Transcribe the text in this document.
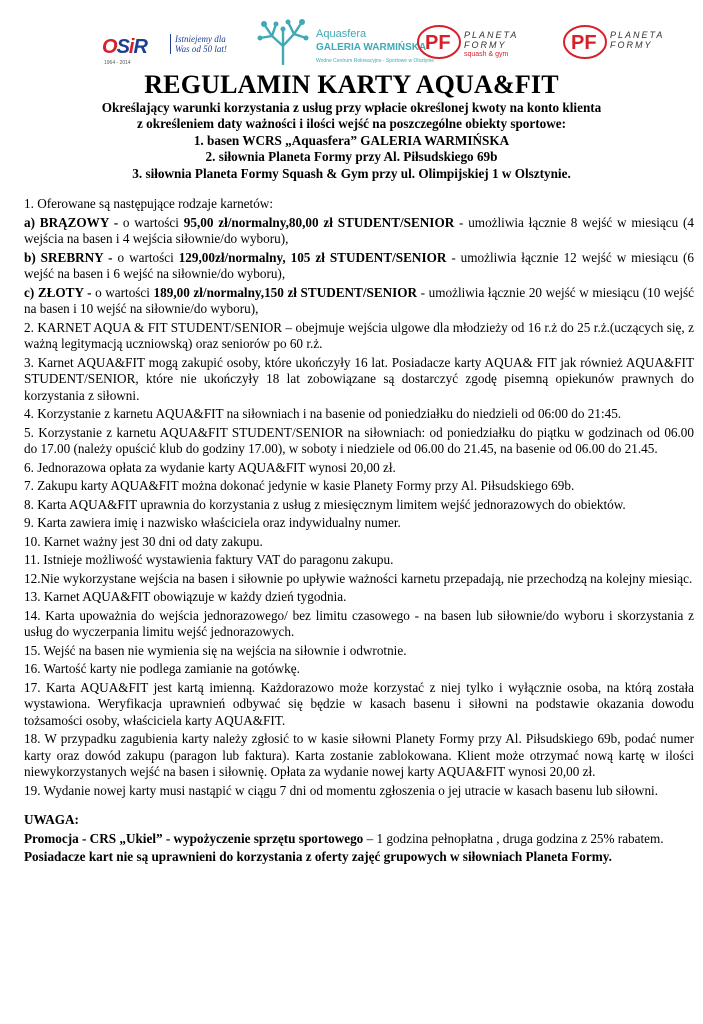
OSiR
1964 - 2014
Istniejemy dla Was od 50 lat!
Aquasfera
GALERIA WARMIŃSKA
Wodne Centrum Rekreacyjno - Sportowe w Olsztynie
PF PLANETA
FORMY
squash & gym
PF PLANETA
FORMY
REGULAMIN KARTY AQUA&FIT
Określający warunki korzystania z usług przy wpłacie określonej kwoty na konto klienta
z określeniem daty ważności i ilości wejść na poszczególne obiekty sportowe:
1. basen WCRS „Aquasfera” GALERIA WARMIŃSKA
2. siłownia Planeta Formy przy Al. Piłsudskiego 69b
3. siłownia Planeta Formy Squash & Gym przy ul. Olimpijskiej 1 w Olsztynie.

1. Oferowane są następujące rodzaje karnetów:

a) BRĄZOWY - o wartości 95,00 zł/normalny,80,00 zł STUDENT/SENIOR - umożliwia łącznie 8 wejść w miesiącu (4 wejścia na basen i 4 wejścia siłownie/do wyboru),

b) SREBRNY - o wartości 129,00zł/normalny, 105 zł STUDENT/SENIOR - umożliwia łącznie 12 wejść w miesiącu (6 wejść na basen i 6 wejść na siłownie/do wyboru),

c) ZŁOTY - o wartości 189,00 zł/normalny,150 zł STUDENT/SENIOR - umożliwia łącznie 20 wejść w miesiącu (10 wejść na basen i 10 wejść na siłownie/do wyboru),

2. KARNET AQUA & FIT STUDENT/SENIOR – obejmuje wejścia ulgowe dla młodzieży od 16 r.ż do 25 r.ż.(uczących się, z ważną legitymacją uczniowską) oraz seniorów po 60 r.ż.

3. Karnet AQUA&FIT mogą zakupić osoby, które ukończyły 16 lat. Posiadacze karty AQUA& FIT jak również AQUA&FIT STUDENT/SENIOR, które nie ukończyły 18 lat zobowiązane są dostarczyć zgodę pisemną opiekunów prawnych do korzystania z siłowni.

4. Korzystanie z karnetu AQUA&FIT na siłowniach i na basenie od poniedziałku do niedzieli od 06:00 do 21:45.

5. Korzystanie z karnetu AQUA&FIT STUDENT/SENIOR na siłowniach: od poniedziałku do piątku w godzinach od 06.00 do 17.00 (należy opuścić klub do godziny 17.00), w soboty i niedziele od 06.00 do 21.45, na basenie od 06.00 do 21.45.

6. Jednorazowa opłata za wydanie karty AQUA&FIT wynosi 20,00 zł.

7. Zakupu karty AQUA&FIT można dokonać jedynie w kasie Planety Formy przy Al. Piłsudskiego 69b.

8. Karta AQUA&FIT uprawnia do korzystania z usług z miesięcznym limitem wejść jednorazowych do obiektów.

9. Karta zawiera imię i nazwisko właściciela oraz indywidualny numer.

10. Karnet ważny jest 30 dni od daty zakupu.

11. Istnieje możliwość wystawienia faktury VAT do paragonu zakupu.

12.Nie wykorzystane wejścia na basen i siłownie po upływie ważności karnetu przepadają, nie przechodzą na kolejny miesiąc.

13. Karnet AQUA&FIT obowiązuje w każdy dzień tygodnia.

14. Karta upoważnia do wejścia jednorazowego/ bez limitu czasowego - na basen lub siłownie/do wyboru i skorzystania z usług do wyczerpania limitu wejść jednorazowych.

15. Wejść na basen nie wymienia się na wejścia na siłownie i odwrotnie.

16. Wartość karty nie podlega zamianie na gotówkę.

17. Karta AQUA&FIT jest kartą imienną. Każdorazowo może korzystać z niej tylko i wyłącznie osoba, na którą została wystawiona. Weryfikacja uprawnień odbywać się będzie w kasach basenu i siłowni na podstawie okazania dowodu tożsamości osoby, właściciela karty AQUA&FIT.

18. W przypadku zagubienia karty należy zgłosić to w kasie siłowni Planety Formy przy Al. Piłsudskiego 69b, podać numer karty oraz dowód zakupu (paragon lub faktura). Karta zostanie zablokowana. Klient może otrzymać nową kartę w ilości niewykorzystanych wejść na basen i siłownię. Opłata za wydanie nowej karty AQUA&FIT wynosi 20,00 zł.

19. Wydanie nowej karty musi nastąpić w ciągu 7 dni od momentu zgłoszenia o jej utracie w kasach basenu lub siłowni.

UWAGA:

Promocja - CRS „Ukiel” - wypożyczenie sprzętu sportowego – 1 godzina pełnopłatna , druga godzina z 25% rabatem.

Posiadacze kart nie są uprawnieni do korzystania z oferty zajęć grupowych w siłowniach Planeta Formy.
